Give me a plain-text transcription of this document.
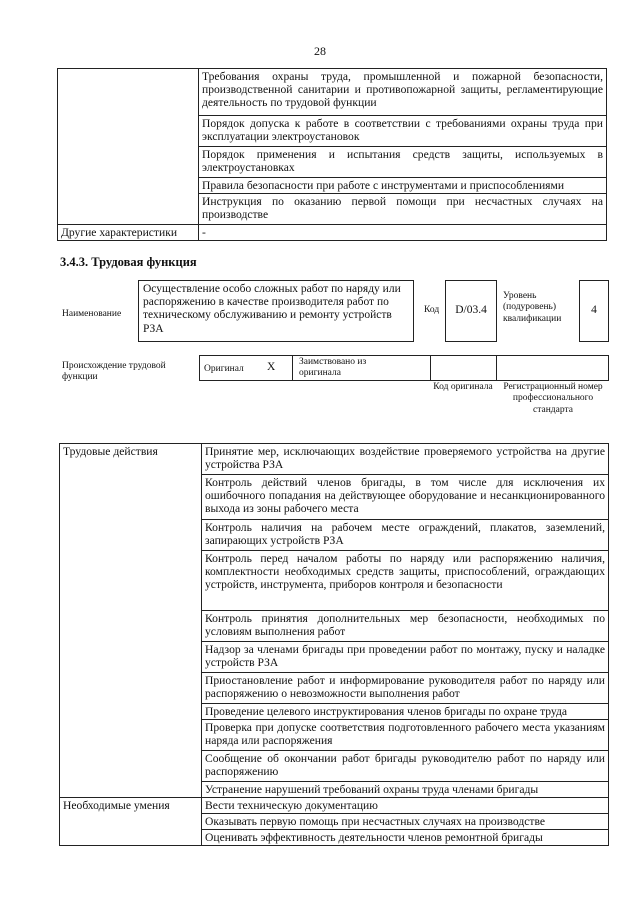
28
	Требования охраны труда, промышленной и пожарной безопасности, производственной санитарии и противопожарной защиты, регламентирующие деятельность по трудовой функции
	Порядок допуска к работе в соответствии с требованиями охраны труда при эксплуатации электроустановок
	Порядок применения и испытания средств защиты, используемых в электроустановках
	Правила безопасности при работе с инструментами и приспособлениями
	Инструкция по оказанию первой помощи при несчастных случаях на производстве
Другие характеристики	-
3.4.3. Трудовая функция
Наименование
Осуществление особо сложных работ по наряду или распоряжению в качестве производителя работ по техническому обслуживанию и ремонту устройств РЗА
Код D/03.4
Уровень (подуровень) квалификации
4
Происхождение трудовой функции
Оригинал X Заимствовано из оригинала
Код оригинала	Регистрационный номер профессионального стандарта
Трудовые действия	Принятие мер, исключающих воздействие проверяемого устройства на другие устройства РЗА
	Контроль действий членов бригады, в том числе для исключения их ошибочного попадания на действующее оборудование и несанкционированного выхода из зоны рабочего места
	Контроль наличия на рабочем месте ограждений, плакатов, заземлений, запирающих устройств РЗА
	Контроль перед началом работы по наряду или распоряжению наличия, комплектности необходимых средств защиты, приспособлений, ограждающих устройств, инструмента, приборов контроля и безопасности
	Контроль принятия дополнительных мер безопасности, необходимых по условиям выполнения работ
	Надзор за членами бригады при проведении работ по монтажу, пуску и наладке устройств РЗА
	Приостановление работ и информирование руководителя работ по наряду или распоряжению о невозможности выполнения работ
	Проведение целевого инструктирования членов бригады по охране труда
	Проверка при допуске соответствия подготовленного рабочего места указаниям наряда или распоряжения
	Сообщение об окончании работ бригады руководителю работ по наряду или распоряжению
	Устранение нарушений требований охраны труда членами бригады
Необходимые умения	Вести техническую документацию
	Оказывать первую помощь при несчастных случаях на производстве
	Оценивать эффективность деятельности членов ремонтной бригады
